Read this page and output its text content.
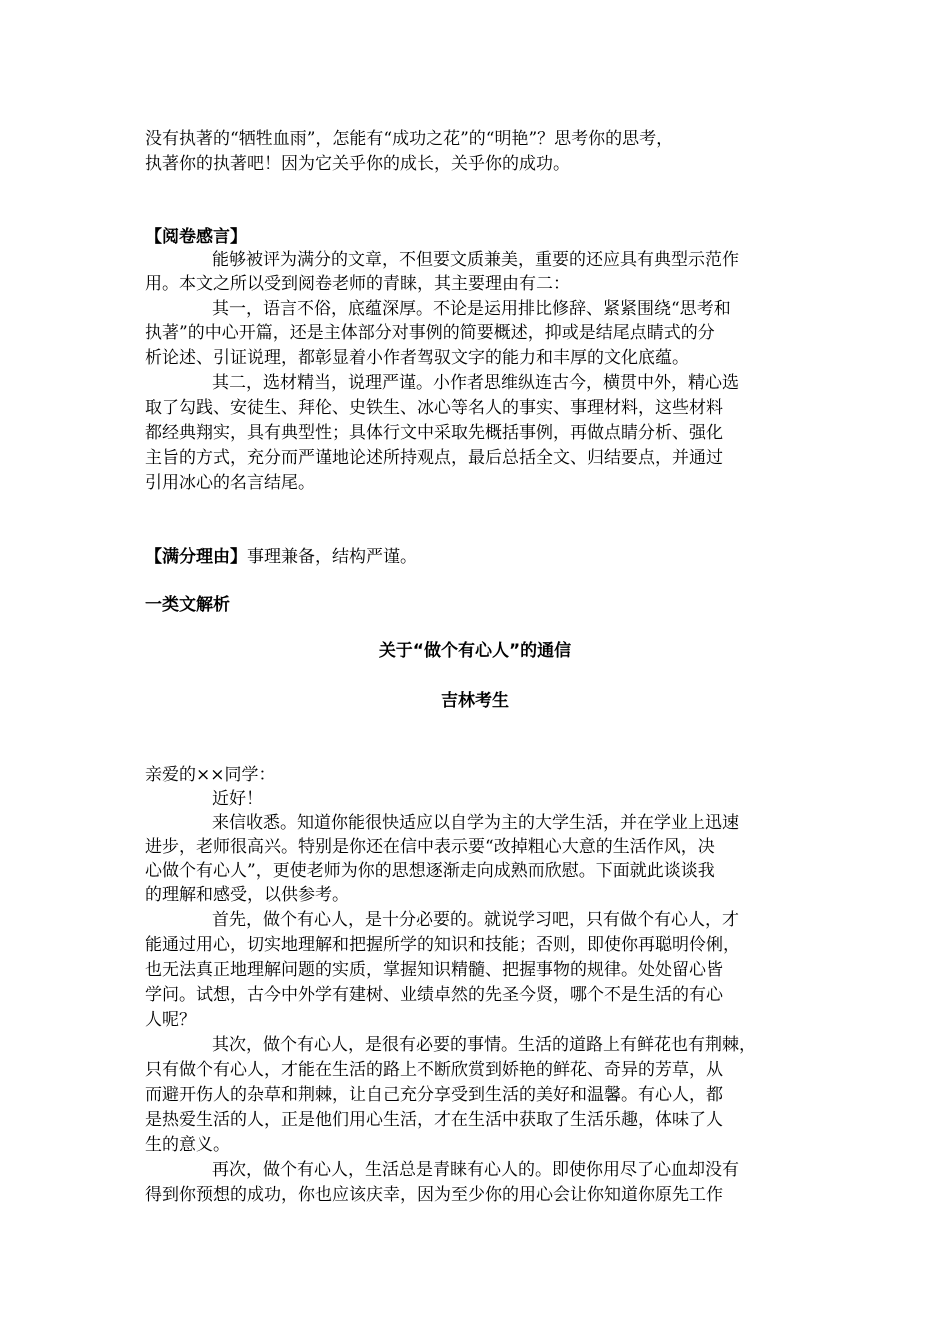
没有执著的“牺牲血雨”，怎能有“成功之花”的“明艳”？思考你的思考，
执著你的执著吧！因为它关乎你的成长，关乎你的成功。
【阅卷感言】
能够被评为满分的文章，不但要文质兼美，重要的还应具有典型示范作
用。本文之所以受到阅卷老师的青睐，其主要理由有二：
其一，语言不俗，底蕴深厚。不论是运用排比修辞、紧紧围绕“思考和
执著”的中心开篇，还是主体部分对事例的简要概述，抑或是结尾点睛式的分
析论述、引证说理，都彰显着小作者驾驭文字的能力和丰厚的文化底蕴。
其二，选材精当，说理严谨。小作者思维纵连古今，横贯中外，精心选
取了勾践、安徒生、拜伦、史铁生、冰心等名人的事实、事理材料，这些材料
都经典翔实，具有典型性；具体行文中采取先概括事例，再做点睛分析、强化
主旨的方式，充分而严谨地论述所持观点，最后总括全文、归结要点，并通过
引用冰心的名言结尾。
【满分理由】事理兼备，结构严谨。
一类文解析
关于“做个有心人”的通信
吉林考生
亲爱的××同学：
近好！
来信收悉。知道你能很快适应以自学为主的大学生活，并在学业上迅速
进步，老师很高兴。特别是你还在信中表示要“改掉粗心大意的生活作风，决
心做个有心人”，更使老师为你的思想逐渐走向成熟而欣慰。下面就此谈谈我
的理解和感受，以供参考。
首先，做个有心人，是十分必要的。就说学习吧，只有做个有心人，才
能通过用心，切实地理解和把握所学的知识和技能；否则，即使你再聪明伶俐，
也无法真正地理解问题的实质，掌握知识精髓、把握事物的规律。处处留心皆
学问。试想，古今中外学有建树、业绩卓然的先圣今贤，哪个不是生活的有心
人呢？
其次，做个有心人，是很有必要的事情。生活的道路上有鲜花也有荆棘，
只有做个有心人，才能在生活的路上不断欣赏到娇艳的鲜花、奇异的芳草，从
而避开伤人的杂草和荆棘，让自己充分享受到生活的美好和温馨。有心人，都
是热爱生活的人，正是他们用心生活，才在生活中获取了生活乐趣，体味了人
生的意义。
再次，做个有心人，生活总是青睐有心人的。即使你用尽了心血却没有
得到你预想的成功，你也应该庆幸，因为至少你的用心会让你知道你原先工作
